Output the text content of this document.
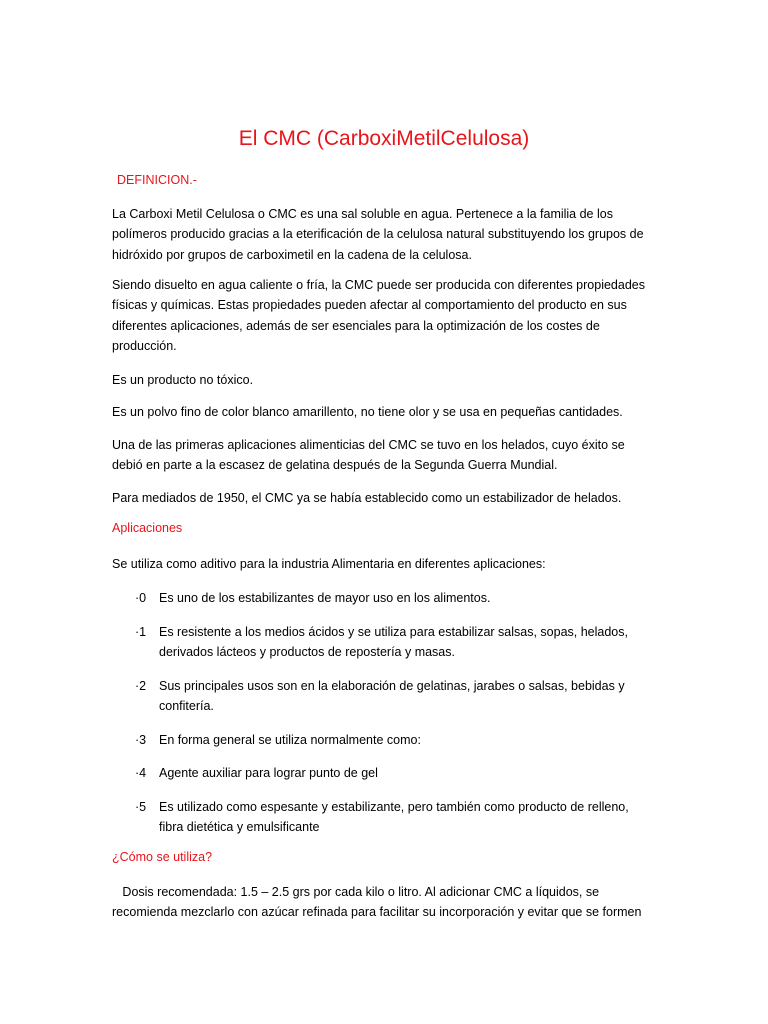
El CMC (CarboxiMetilCelulosa)
DEFINICION.-
La Carboxi Metil Celulosa o CMC es una sal soluble en agua. Pertenece a la familia de los polímeros producido gracias a la eterificación de la celulosa natural substituyendo los grupos de hidróxido por grupos de carboximetil en la cadena de la celulosa.
Siendo disuelto en agua caliente o fría, la CMC puede ser producida con diferentes propiedades físicas y químicas. Estas propiedades pueden afectar al comportamiento del producto en sus diferentes aplicaciones, además de ser esenciales para la optimización de los costes de producción.
Es un producto no tóxico.
Es un polvo fino de color blanco amarillento, no tiene olor y se usa en pequeñas cantidades.
Una de las primeras aplicaciones alimenticias del CMC se tuvo en los helados, cuyo éxito se debió en parte a la escasez de gelatina después de la Segunda Guerra Mundial.
Para mediados de 1950, el CMC ya se había establecido como un estabilizador de helados.
Aplicaciones
Se utiliza como aditivo para la industria Alimentaria en diferentes aplicaciones:
·0	Es uno de los estabilizantes de mayor uso en los alimentos.
·1	Es resistente a los medios ácidos y se utiliza para estabilizar salsas, sopas, helados, derivados lácteos y productos de repostería y masas.
·2	Sus principales usos son en la elaboración de gelatinas, jarabes o salsas, bebidas y confitería.
·3	En forma general se utiliza normalmente como:
·4	Agente auxiliar para lograr punto de gel
·5	Es utilizado como espesante y estabilizante, pero también como producto de relleno, fibra dietética y emulsificante
¿Cómo se utiliza?
Dosis recomendada: 1.5 – 2.5 grs por cada kilo o litro. Al adicionar CMC a líquidos, se recomienda mezclarlo con azúcar refinada para facilitar su incorporación y evitar que se formen
